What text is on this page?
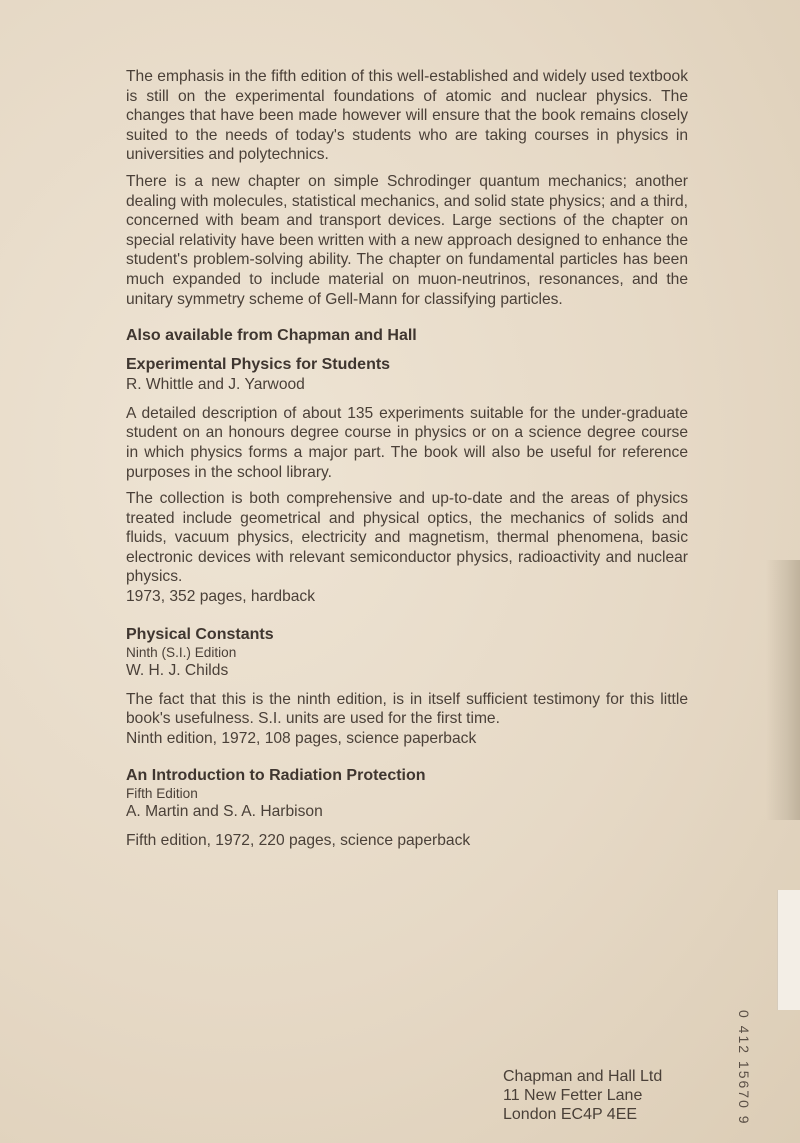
The emphasis in the fifth edition of this well-established and widely used textbook is still on the experimental foundations of atomic and nuclear physics. The changes that have been made however will ensure that the book remains closely suited to the needs of today's students who are taking courses in physics in universities and polytechnics.

There is a new chapter on simple Schrodinger quantum mechanics; another dealing with molecules, statistical mechanics, and solid state physics; and a third, concerned with beam and transport devices. Large sections of the chapter on special relativity have been written with a new approach designed to enhance the student's problem-solving ability. The chapter on fundamental particles has been much expanded to include material on muon-neutrinos, resonances, and the unitary symmetry scheme of Gell-Mann for classifying particles.

Also available from Chapman and Hall
Experimental Physics for Students
R. Whittle and J. Yarwood

A detailed description of about 135 experiments suitable for the under-graduate student on an honours degree course in physics or on a science degree course in which physics forms a major part. The book will also be useful for reference purposes in the school library.

The collection is both comprehensive and up-to-date and the areas of physics treated include geometrical and physical optics, the mechanics of solids and fluids, vacuum physics, electricity and magnetism, thermal phenomena, basic electronic devices with relevant semiconductor physics, radioactivity and nuclear physics.

1973, 352 pages, hardback
Physical Constants
Ninth (S.I.) Edition
W. H. J. Childs

The fact that this is the ninth edition, is in itself sufficient testimony for this little book's usefulness. S.I. units are used for the first time.

Ninth edition, 1972, 108 pages, science paperback
An Introduction to Radiation Protection
Fifth Edition
A. Martin and S. A. Harbison
Fifth edition, 1972, 220 pages, science paperback
0 412 15670 9
Chapman and Hall Ltd
11 New Fetter Lane
London EC4P 4EE
